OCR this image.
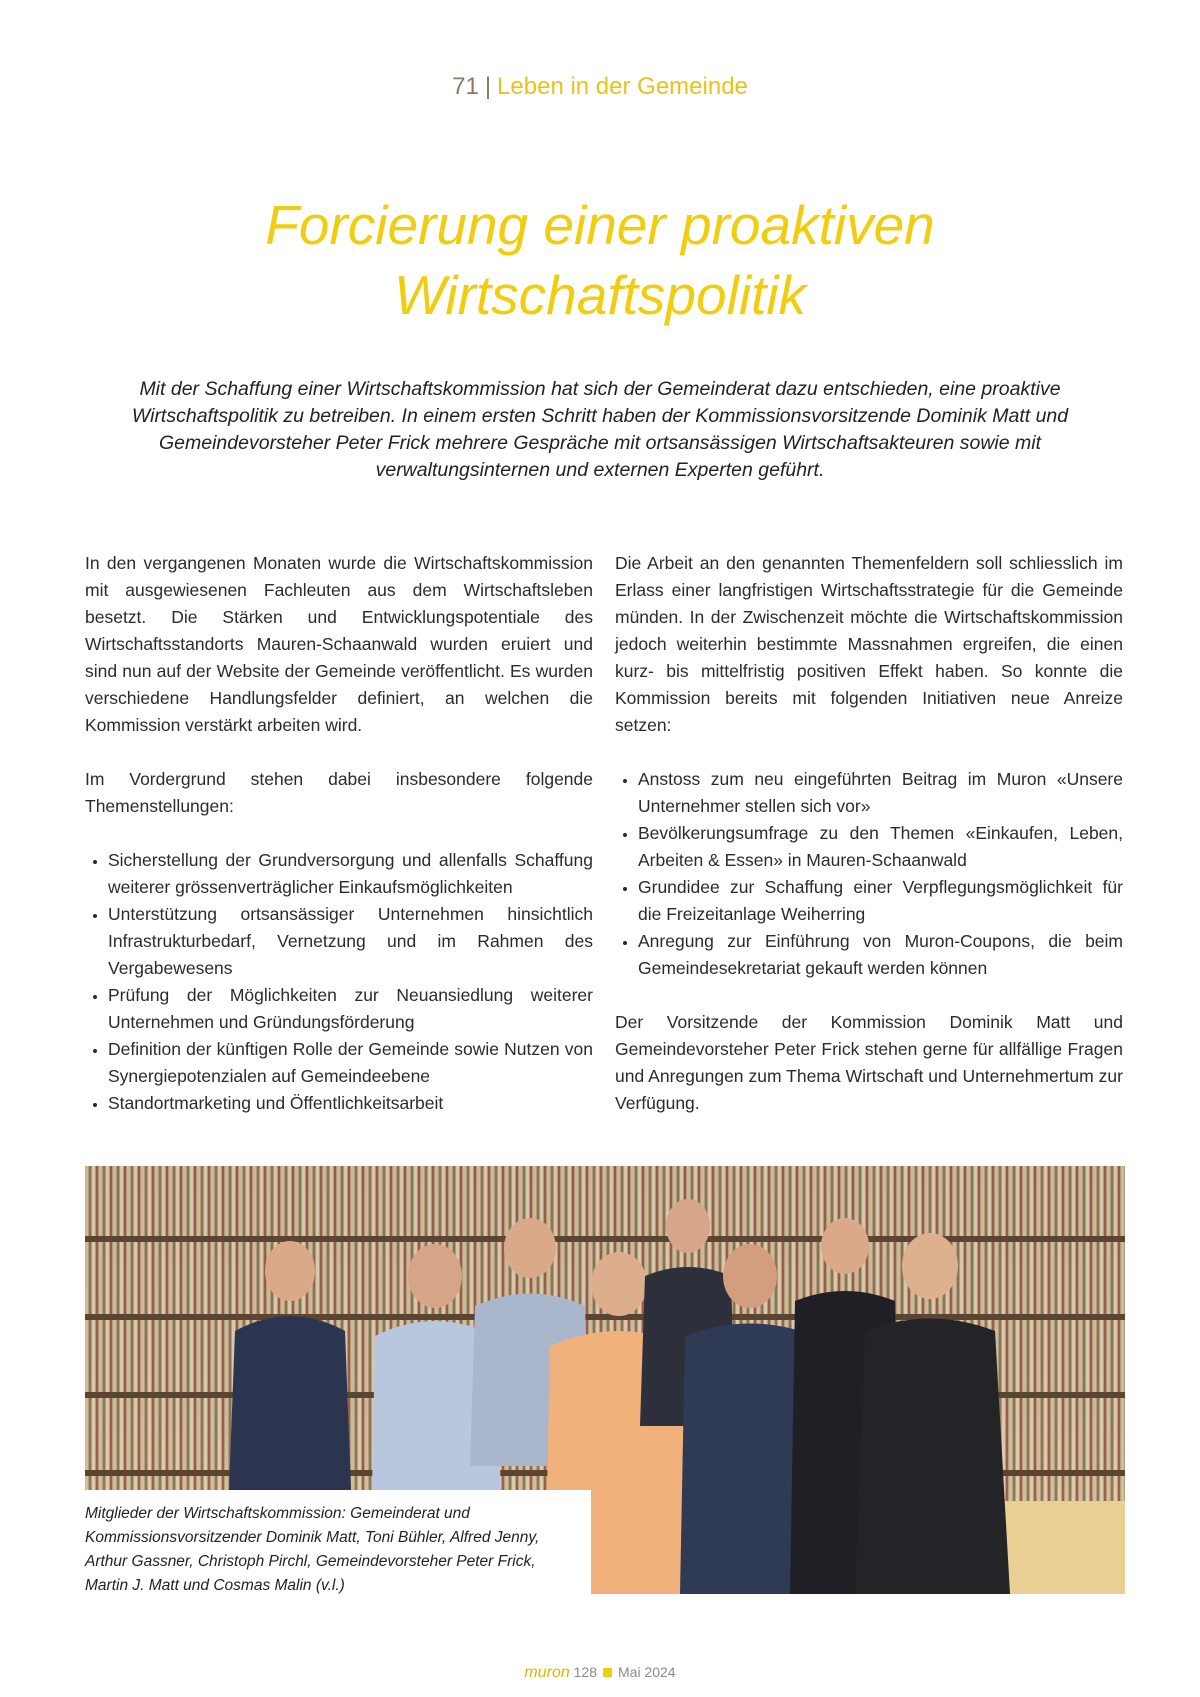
71 | Leben in der Gemeinde
Forcierung einer proaktiven
Wirtschaftspolitik

Mit der Schaffung einer Wirtschaftskommission hat sich der Gemeinderat dazu entschieden, eine proaktive Wirtschaftspolitik zu betreiben. In einem ersten Schritt haben der Kommissionsvorsitzende Dominik Matt und Gemeindevorsteher Peter Frick mehrere Gespräche mit ortsansässigen Wirtschaftsakteuren sowie mit verwaltungsinternen und externen Experten geführt.

In den vergangenen Monaten wurde die Wirtschaftskommission mit ausgewiesenen Fachleuten aus dem Wirtschaftsleben besetzt. Die Stärken und Entwicklungspotentiale des Wirtschaftsstandorts Mauren-Schaanwald wurden eruiert und sind nun auf der Website der Gemeinde veröffentlicht. Es wurden verschiedene Handlungsfelder definiert, an welchen die Kommission verstärkt arbeiten wird.

Im Vordergrund stehen dabei insbesondere folgende Themenstellungen:

• Sicherstellung der Grundversorgung und allenfalls Schaffung weiterer grössenverträglicher Einkaufsmöglichkeiten
• Unterstützung ortsansässiger Unternehmen hinsichtlich Infrastrukturbedarf, Vernetzung und im Rahmen des Vergabewesens
• Prüfung der Möglichkeiten zur Neuansiedlung weiterer Unternehmen und Gründungsförderung
• Definition der künftigen Rolle der Gemeinde sowie Nutzen von Synergiepotenzialen auf Gemeindeebene
• Standortmarketing und Öffentlichkeitsarbeit

Die Arbeit an den genannten Themenfeldern soll schliesslich im Erlass einer langfristigen Wirtschaftsstrategie für die Gemeinde münden. In der Zwischenzeit möchte die Wirtschaftskommission jedoch weiterhin bestimmte Massnahmen ergreifen, die einen kurz- bis mittelfristig positiven Effekt haben. So konnte die Kommission bereits mit folgenden Initiativen neue Anreize setzen:

• Anstoss zum neu eingeführten Beitrag im Muron «Unsere Unternehmer stellen sich vor»
• Bevölkerungsumfrage zu den Themen «Einkaufen, Leben, Arbeiten & Essen» in Mauren-Schaanwald
• Grundidee zur Schaffung einer Verpflegungsmöglichkeit für die Freizeitanlage Weiherring
• Anregung zur Einführung von Muron-Coupons, die beim Gemeindesekretariat gekauft werden können

Der Vorsitzende der Kommission Dominik Matt und Gemeindevorsteher Peter Frick stehen gerne für allfällige Fragen und Anregungen zum Thema Wirtschaft und Unternehmertum zur Verfügung.

Mitglieder der Wirtschaftskommission: Gemeinderat und Kommissionsvorsitzender Dominik Matt, Toni Bühler, Alfred Jenny, Arthur Gassner, Christoph Pirchl, Gemeindevorsteher Peter Frick, Martin J. Matt und Cosmas Malin (v.l.)

muron 128 Mai 2024
